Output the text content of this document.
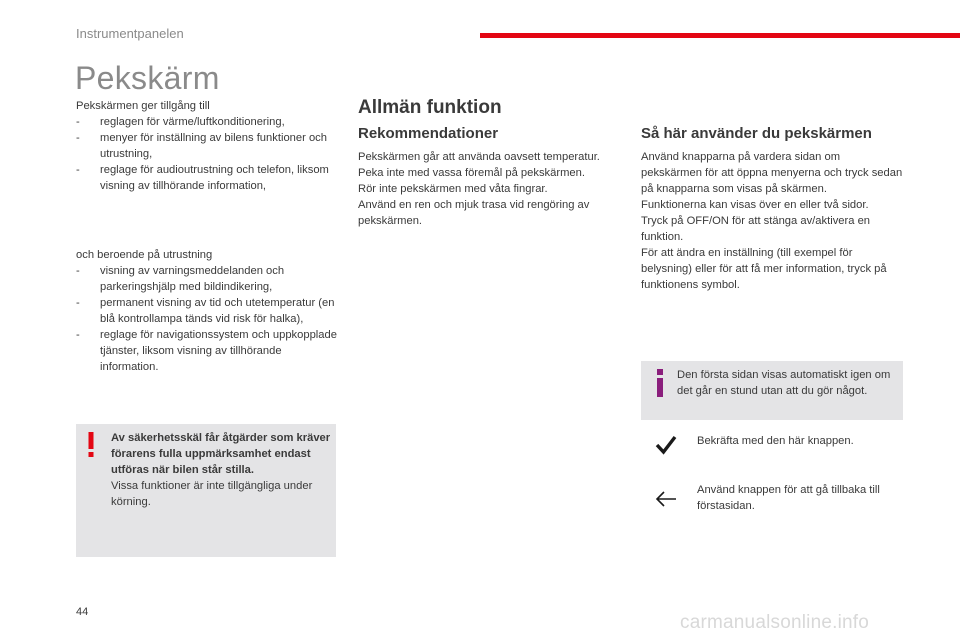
Instrumentpanelen
Pekskärm
Pekskärmen ger tillgång till
- reglagen för värme/luftkonditionering,
- menyer för inställning av bilens funktioner och utrustning,
- reglage för audioutrustning och telefon, liksom visning av tillhörande information,
och beroende på utrustning
- visning av varningsmeddelanden och parkeringshjälp med bildindikering,
- permanent visning av tid och utetemperatur (en blå kontrollampa tänds vid risk för halka),
- reglage för navigationssystem och uppkopplade tjänster, liksom visning av tillhörande information.
Av säkerhetsskäl får åtgärder som kräver förarens fulla uppmärksamhet endast utföras när bilen står stilla.
Vissa funktioner är inte tillgängliga under körning.
Allmän funktion
Rekommendationer
Pekskärmen går att använda oavsett temperatur.
Peka inte med vassa föremål på pekskärmen.
Rör inte pekskärmen med våta fingrar.
Använd en ren och mjuk trasa vid rengöring av pekskärmen.
Så här använder du pekskärmen
Använd knapparna på vardera sidan om pekskärmen för att öppna menyerna och tryck sedan på knapparna som visas på skärmen.
Funktionerna kan visas över en eller två sidor.
Tryck på OFF/ON för att stänga av/aktivera en funktion.
För att ändra en inställning (till exempel för belysning) eller för att få mer information, tryck på funktionens symbol.
Den första sidan visas automatiskt igen om det går en stund utan att du gör något.
Bekräfta med den här knappen.
Använd knappen för att gå tillbaka till förstasidan.
44	carmanualsonline.info
